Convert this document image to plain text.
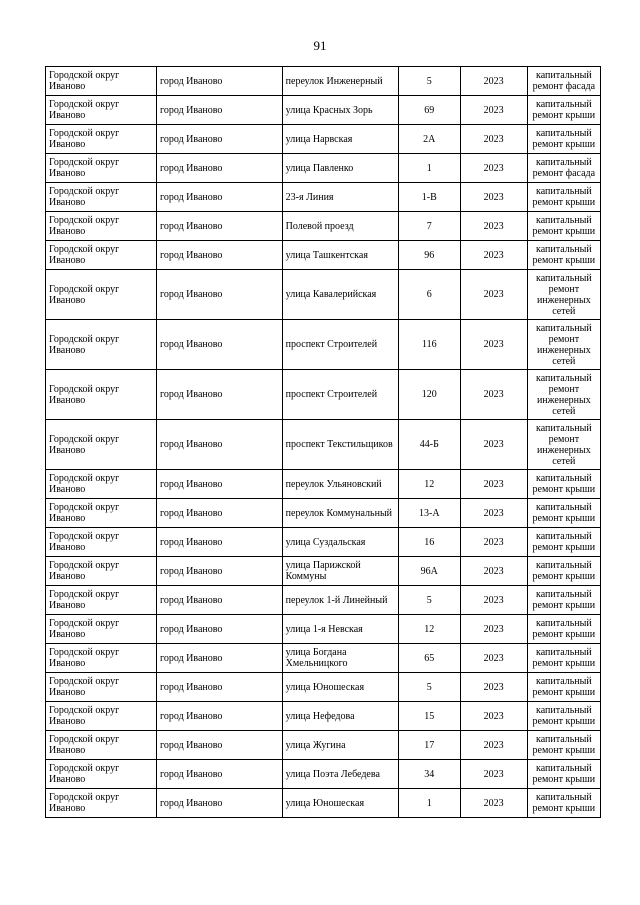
91
Городской округ Иваново	город Иваново	переулок Инженерный	5	2023	капитальный ремонт фасада
Городской округ Иваново	город Иваново	улица Красных Зорь	69	2023	капитальный ремонт крыши
Городской округ Иваново	город Иваново	улица Нарвская	2А	2023	капитальный ремонт крыши
Городской округ Иваново	город Иваново	улица Павленко	1	2023	капитальный ремонт фасада
Городской округ Иваново	город Иваново	23-я Линия	1-В	2023	капитальный ремонт крыши
Городской округ Иваново	город Иваново	Полевой проезд	7	2023	капитальный ремонт крыши
Городской округ Иваново	город Иваново	улица Ташкентская	96	2023	капитальный ремонт крыши
Городской округ Иваново	город Иваново	улица Кавалерийская	6	2023	капитальный ремонт инженерных сетей
Городской округ Иваново	город Иваново	проспект Строителей	116	2023	капитальный ремонт инженерных сетей
Городской округ Иваново	город Иваново	проспект Строителей	120	2023	капитальный ремонт инженерных сетей
Городской округ Иваново	город Иваново	проспект Текстильщиков	44-Б	2023	капитальный ремонт инженерных сетей
Городской округ Иваново	город Иваново	переулок Ульяновский	12	2023	капитальный ремонт крыши
Городской округ Иваново	город Иваново	переулок Коммунальный	13-А	2023	капитальный ремонт крыши
Городской округ Иваново	город Иваново	улица Суздальская	16	2023	капитальный ремонт крыши
Городской округ Иваново	город Иваново	улица Парижской Коммуны	96А	2023	капитальный ремонт крыши
Городской округ Иваново	город Иваново	переулок 1-й Линейный	5	2023	капитальный ремонт крыши
Городской округ Иваново	город Иваново	улица 1-я Невская	12	2023	капитальный ремонт крыши
Городской округ Иваново	город Иваново	улица Богдана Хмельницкого	65	2023	капитальный ремонт крыши
Городской округ Иваново	город Иваново	улица Юношеская	5	2023	капитальный ремонт крыши
Городской округ Иваново	город Иваново	улица Нефедова	15	2023	капитальный ремонт крыши
Городской округ Иваново	город Иваново	улица Жугина	17	2023	капитальный ремонт крыши
Городской округ Иваново	город Иваново	улица Поэта Лебедева	34	2023	капитальный ремонт крыши
Городской округ Иваново	город Иваново	улица Юношеская	1	2023	капитальный ремонт крыши
